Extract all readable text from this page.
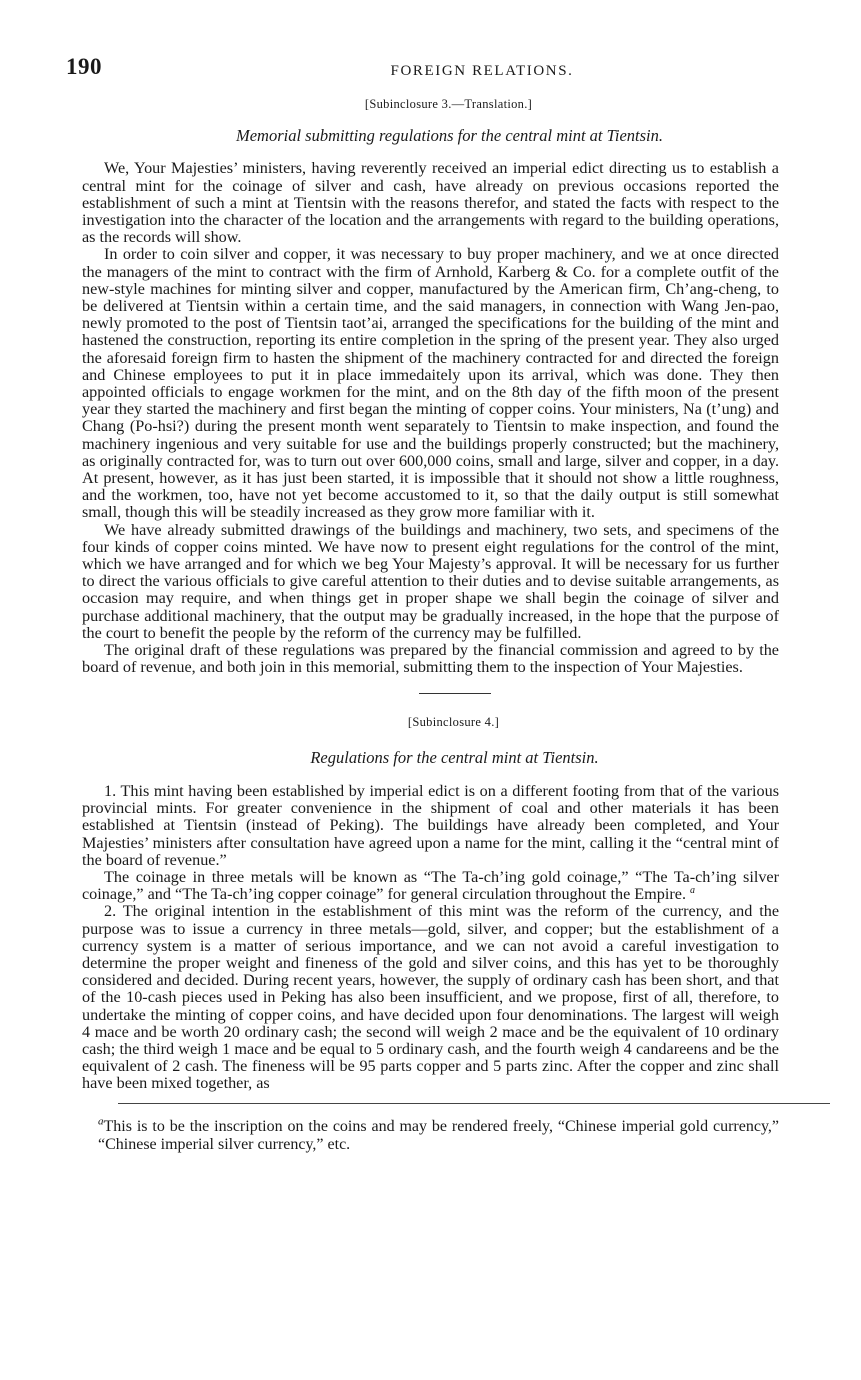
190	FOREIGN RELATIONS.
[Subinclosure 3.—Translation.]
Memorial submitting regulations for the central mint at Tientsin.

We, Your Majesties’ ministers, having reverently received an imperial edict directing us to establish a central mint for the coinage of silver and cash, have already on previous occasions reported the establishment of such a mint at Tientsin with the reasons therefor, and stated the facts with respect to the investigation into the character of the location and the arrangements with regard to the building operations, as the records will show.

In order to coin silver and copper, it was necessary to buy proper machinery, and we at once directed the managers of the mint to contract with the firm of Arnhold, Karberg & Co. for a complete outfit of the new-style machines for minting silver and copper, manufactured by the American firm, Ch’ang-cheng, to be delivered at Tientsin within a certain time, and the said managers, in connection with Wang Jen-pao, newly promoted to the post of Tientsin taot’ai, arranged the specifications for the building of the mint and hastened the construction, reporting its entire completion in the spring of the present year. They also urged the aforesaid foreign firm to hasten the shipment of the machinery contracted for and directed the foreign and Chinese employees to put it in place immedaitely upon its arrival, which was done. They then appointed officials to engage workmen for the mint, and on the 8th day of the fifth moon of the present year they started the machinery and first began the minting of copper coins. Your ministers, Na (t’ung) and Chang (Po-hsi?) during the present month went separately to Tientsin to make inspection, and found the machinery ingenious and very suitable for use and the buildings properly constructed; but the machinery, as originally contracted for, was to turn out over 600,000 coins, small and large, silver and copper, in a day. At present, however, as it has just been started, it is impossible that it should not show a little roughness, and the workmen, too, have not yet become accustomed to it, so that the daily output is still somewhat small, though this will be steadily increased as they grow more familiar with it.

We have already submitted drawings of the buildings and machinery, two sets, and specimens of the four kinds of copper coins minted. We have now to present eight regulations for the control of the mint, which we have arranged and for which we beg Your Majesty’s approval. It will be necessary for us further to direct the various officials to give careful attention to their duties and to devise suitable arrangements, as occasion may require, and when things get in proper shape we shall begin the coinage of silver and purchase additional machinery, that the output may be gradually increased, in the hope that the purpose of the court to benefit the people by the reform of the currency may be fulfilled.

The original draft of these regulations was prepared by the financial commission and agreed to by the board of revenue, and both join in this memorial, submitting them to the inspection of Your Majesties.

[Subinclosure 4.]
Regulations for the central mint at Tientsin.

1. This mint having been established by imperial edict is on a different footing from that of the various provincial mints. For greater convenience in the shipment of coal and other materials it has been established at Tientsin (instead of Peking). The buildings have already been completed, and Your Majesties’ ministers after consultation have agreed upon a name for the mint, calling it the “central mint of the board of revenue.”

The coinage in three metals will be known as “The Ta-ch’ing gold coinage,” “The Ta-ch’ing silver coinage,” and “The Ta-ch’ing copper coinage” for general circulation throughout the Empire. $^a$

2. The original intention in the establishment of this mint was the reform of the currency, and the purpose was to issue a currency in three metals—gold, silver, and copper; but the establishment of a currency system is a matter of serious importance, and we can not avoid a careful investigation to determine the proper weight and fineness of the gold and silver coins, and this has yet to be thoroughly considered and decided. During recent years, however, the supply of ordinary cash has been short, and that of the 10-cash pieces used in Peking has also been insufficient, and we propose, first of all, therefore, to undertake the minting of copper coins, and have decided upon four denominations. The largest will weigh 4 mace and be worth 20 ordinary cash; the second will weigh 2 mace and be the equivalent of 10 ordinary cash; the third weigh 1 mace and be equal to 5 ordinary cash, and the fourth weigh 4 candareens and be the equivalent of 2 cash. The fineness will be 95 parts copper and 5 parts zinc. After the copper and zinc shall have been mixed together, as

$^a$This is to be the inscription on the coins and may be rendered freely, “Chinese imperial gold currency,” “Chinese imperial silver currency,” etc.
